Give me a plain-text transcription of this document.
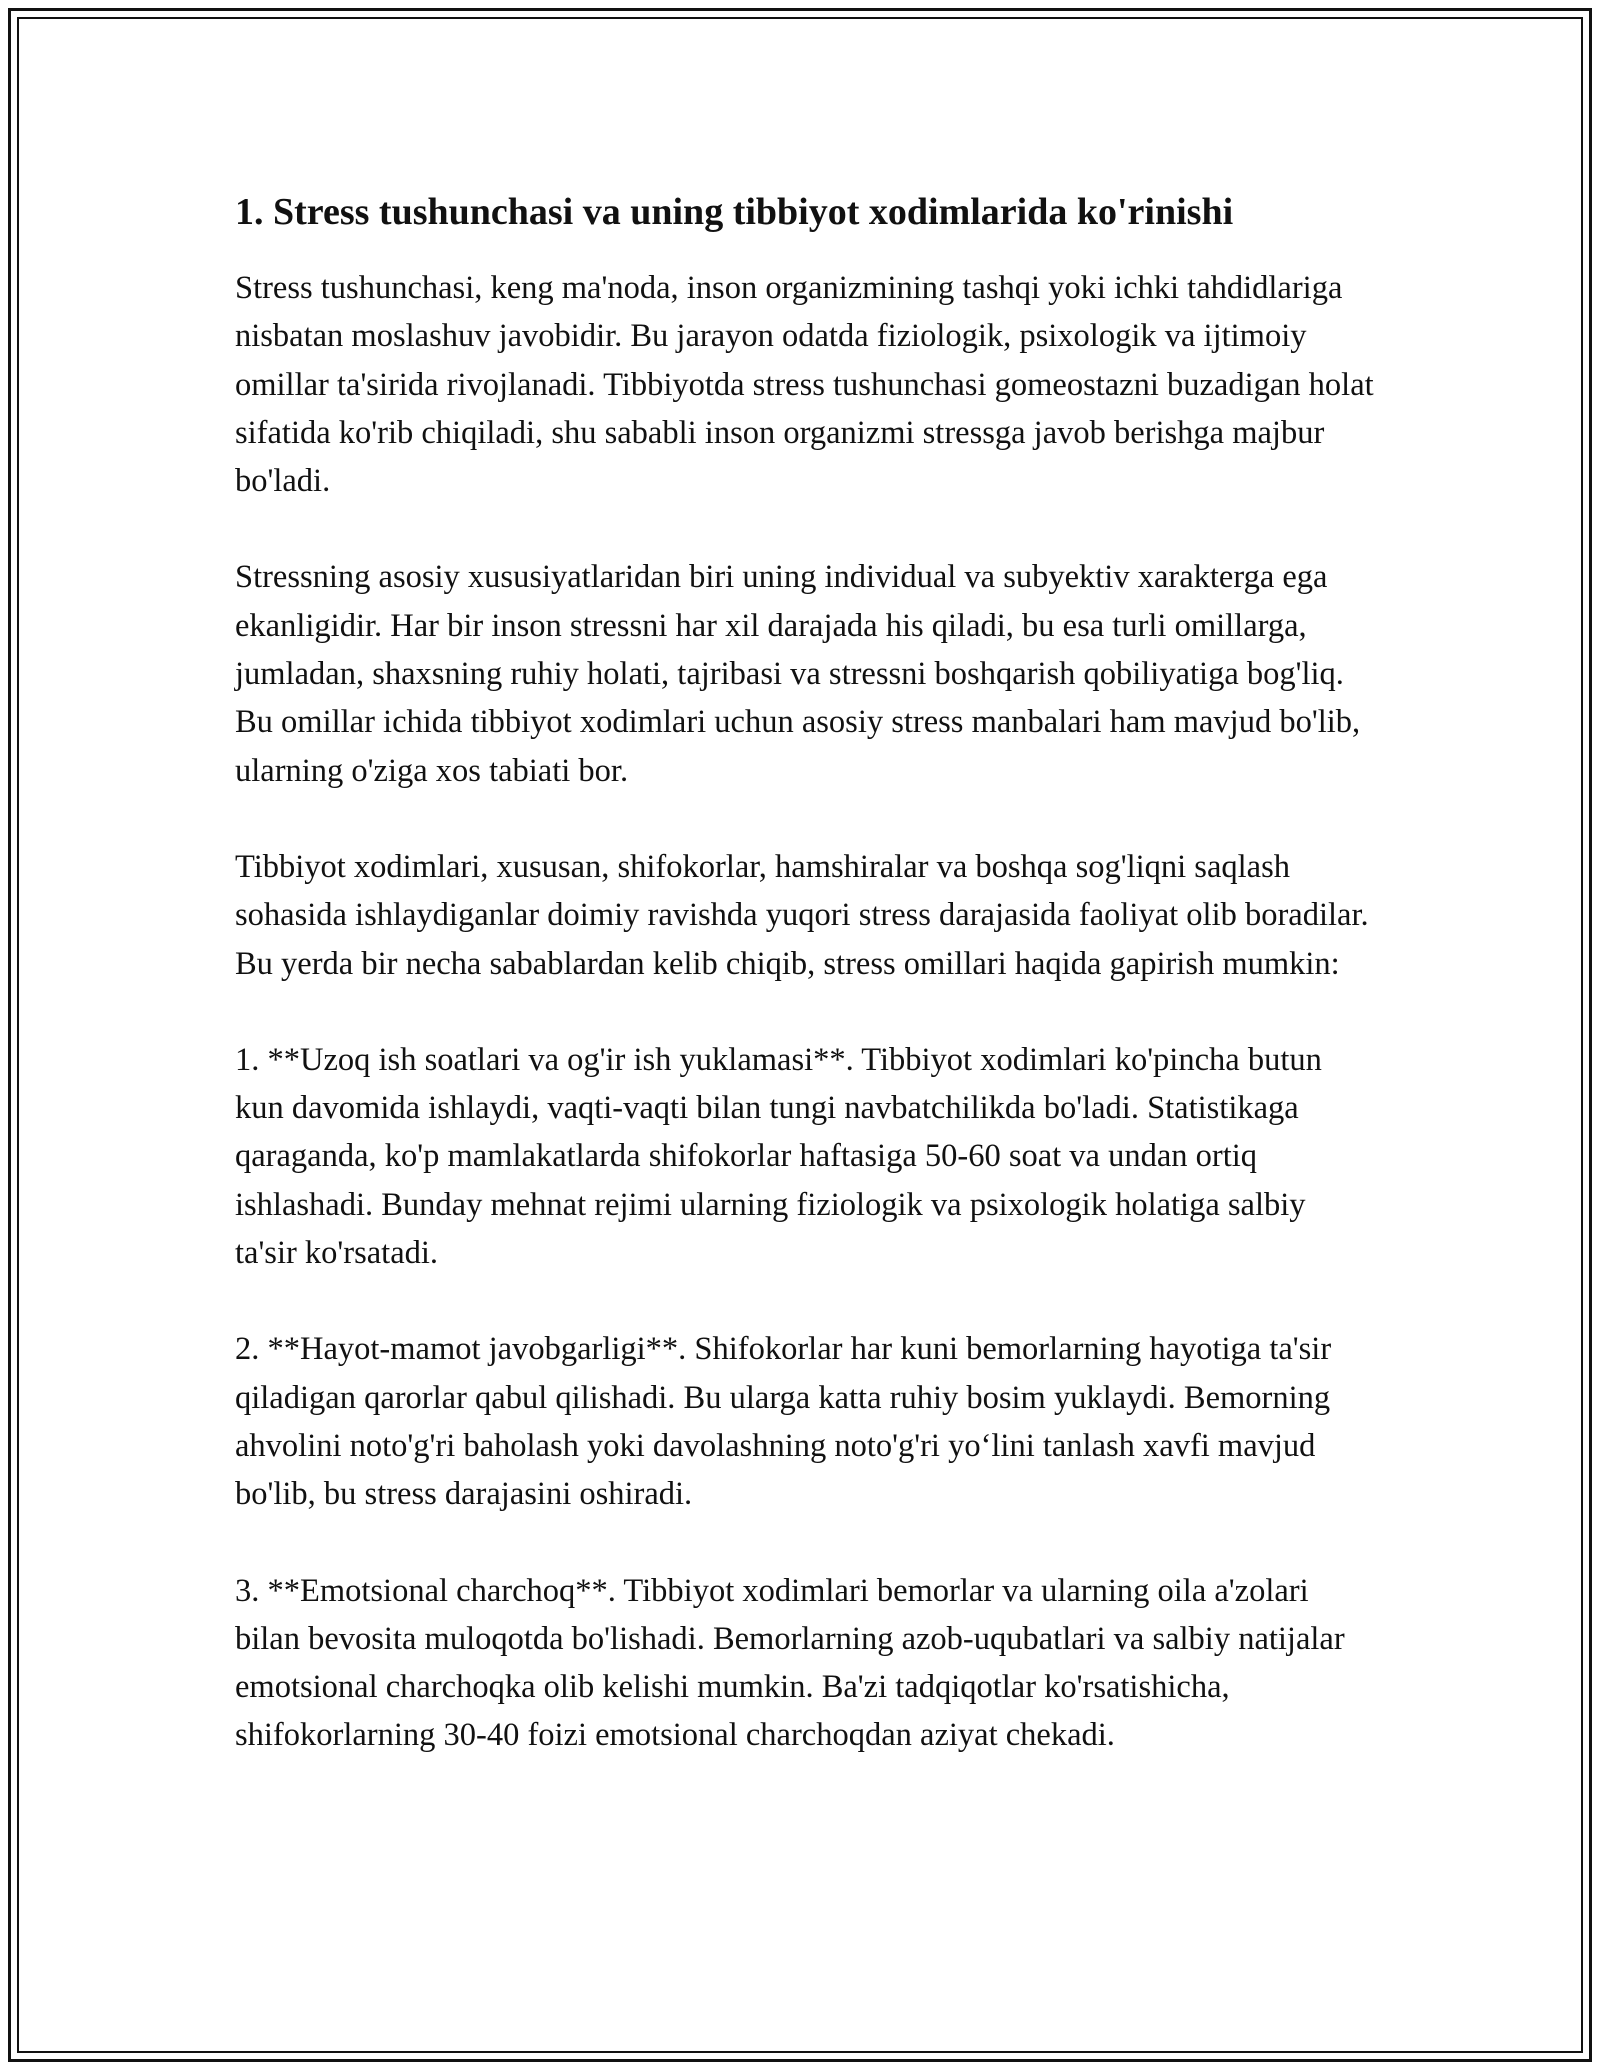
1. Stress tushunchasi va uning tibbiyot xodimlarida ko'rinishi

Stress tushunchasi, keng ma'noda, inson organizmining tashqi yoki ichki tahdidlariga nisbatan moslashuv javobidir. Bu jarayon odatda fiziologik, psixologik va ijtimoiy omillar ta'sirida rivojlanadi. Tibbiyotda stress tushunchasi gomeostazni buzadigan holat sifatida ko'rib chiqiladi, shu sababli inson organizmi stressga javob berishga majbur bo'ladi.

Stressning asosiy xususiyatlaridan biri uning individual va subyektiv xarakterga ega ekanligidir. Har bir inson stressni har xil darajada his qiladi, bu esa turli omillarga, jumladan, shaxsning ruhiy holati, tajribasi va stressni boshqarish qobiliyatiga bog'liq. Bu omillar ichida tibbiyot xodimlari uchun asosiy stress manbalari ham mavjud bo'lib, ularning o'ziga xos tabiati bor.

Tibbiyot xodimlari, xususan, shifokorlar, hamshiralar va boshqa sog'liqni saqlash sohasida ishlaydiganlar doimiy ravishda yuqori stress darajasida faoliyat olib boradilar. Bu yerda bir necha sabablardan kelib chiqib, stress omillari haqida gapirish mumkin:

1. **Uzoq ish soatlari va og'ir ish yuklamasi**. Tibbiyot xodimlari ko'pincha butun kun davomida ishlaydi, vaqti-vaqti bilan tungi navbatchilikda bo'ladi. Statistikaga qaraganda, ko'p mamlakatlarda shifokorlar haftasiga 50-60 soat va undan ortiq ishlashadi. Bunday mehnat rejimi ularning fiziologik va psixologik holatiga salbiy ta'sir ko'rsatadi.

2. **Hayot-mamot javobgarligi**. Shifokorlar har kuni bemorlarning hayotiga ta'sir qiladigan qarorlar qabul qilishadi. Bu ularga katta ruhiy bosim yuklaydi. Bemorning ahvolini noto'g'ri baholash yoki davolashning noto'g'ri yo‘lini tanlash xavfi mavjud bo'lib, bu stress darajasini oshiradi.

3. **Emotsional charchoq**. Tibbiyot xodimlari bemorlar va ularning oila a'zolari bilan bevosita muloqotda bo'lishadi. Bemorlarning azob-uqubatlari va salbiy natijalar emotsional charchoqka olib kelishi mumkin. Ba'zi tadqiqotlar ko'rsatishicha, shifokorlarning 30-40 foizi emotsional charchoqdan aziyat chekadi.
